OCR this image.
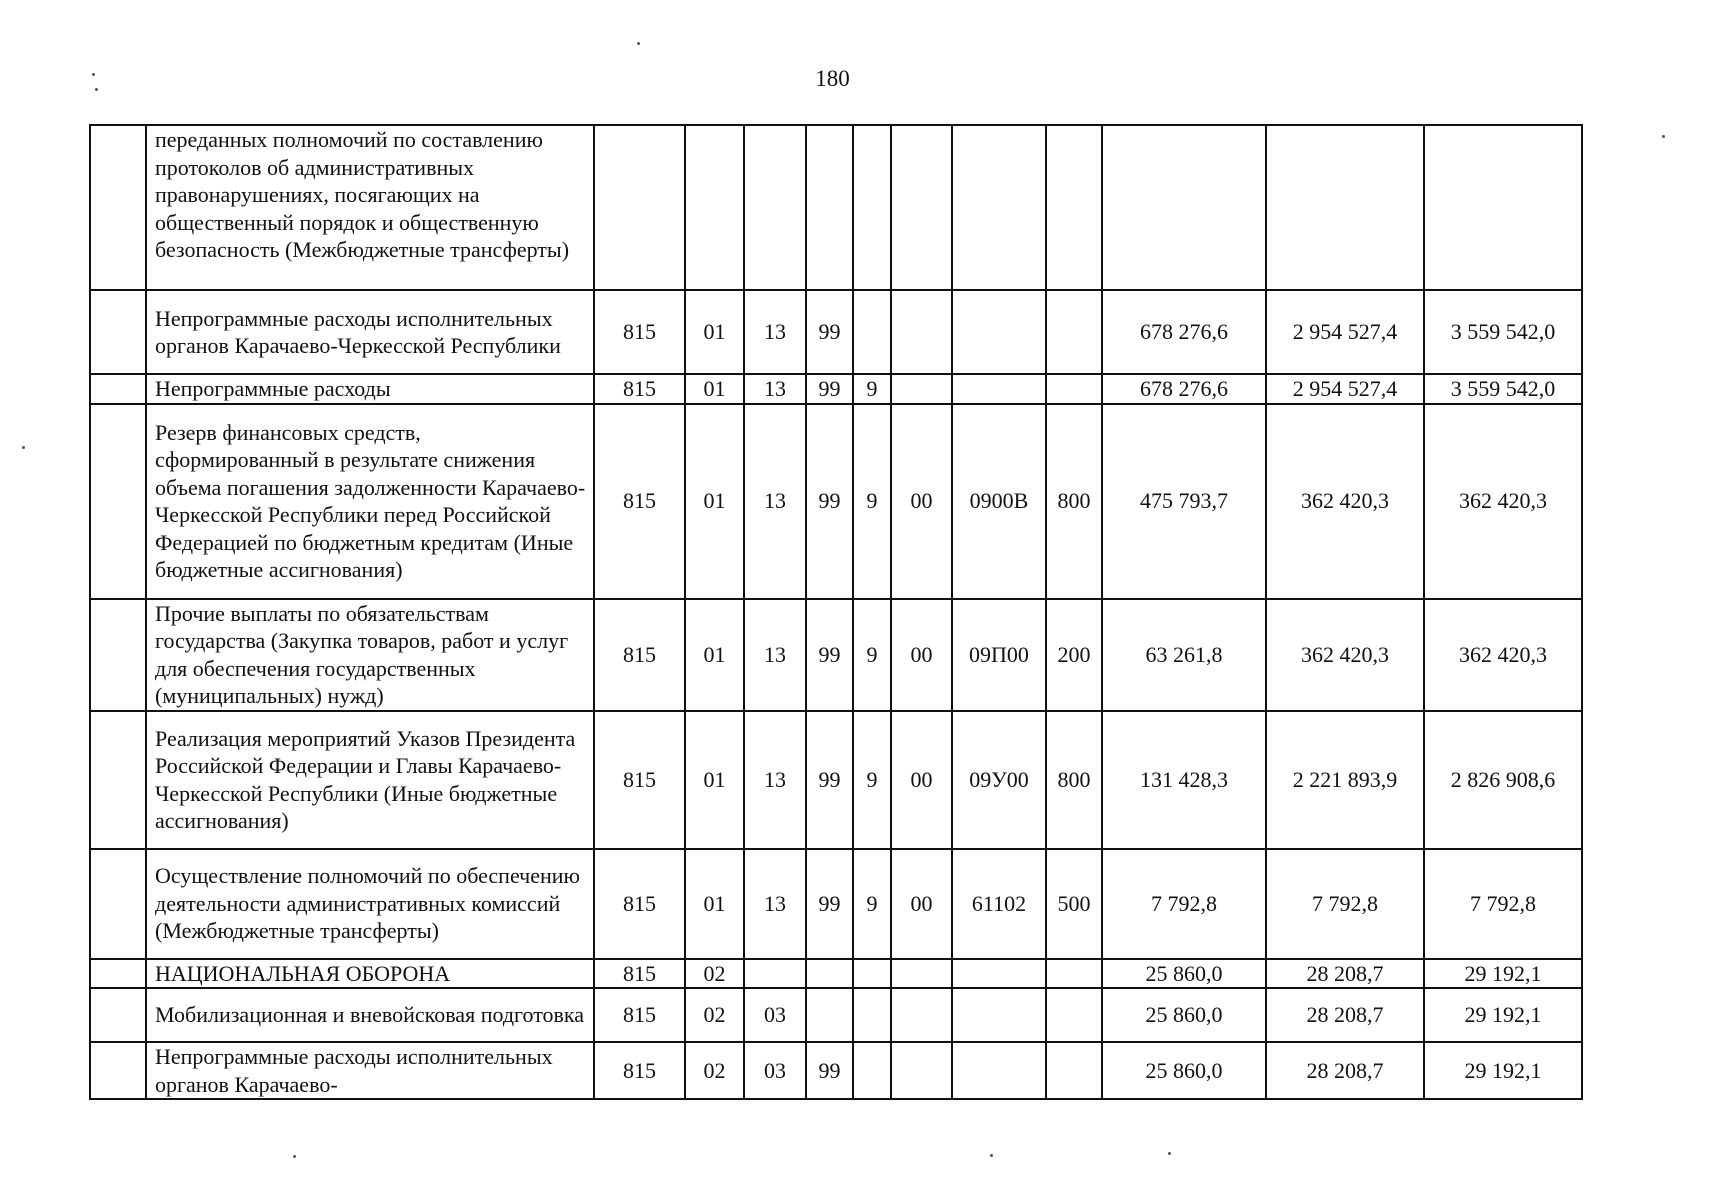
180
	переданных полномочий по составлению протоколов об административных правонарушениях, посягающих на общественный порядок и общественную безопасность (Межбюджетные трансферты)											
	Непрограммные расходы исполнительных органов Карачаево-Черкесской Республики	815	01	13	99					678 276,6	2 954 527,4	3 559 542,0
	Непрограммные расходы	815	01	13	99	9				678 276,6	2 954 527,4	3 559 542,0
	Резерв финансовых средств, сформированный в результате снижения объема погашения задолженности Карачаево-Черкесской Республики перед Российской Федерацией по бюджетным кредитам (Иные бюджетные ассигнования)	815	01	13	99	9	00	0900В	800	475 793,7	362 420,3	362 420,3
	Прочие выплаты по обязательствам государства (Закупка товаров, работ и услуг для обеспечения государственных (муниципальных) нужд)	815	01	13	99	9	00	09П00	200	63 261,8	362 420,3	362 420,3
	Реализация мероприятий Указов Президента Российской Федерации и Главы Карачаево-Черкесской Республики (Иные бюджетные ассигнования)	815	01	13	99	9	00	09У00	800	131 428,3	2 221 893,9	2 826 908,6
	Осуществление полномочий по обеспечению деятельности административных комиссий (Межбюджетные трансферты)	815	01	13	99	9	00	61102	500	7 792,8	7 792,8	7 792,8
	НАЦИОНАЛЬНАЯ ОБОРОНА	815	02							25 860,0	28 208,7	29 192,1
	Мобилизационная и вневойсковая подготовка	815	02	03						25 860,0	28 208,7	29 192,1
	Непрограммные расходы исполнительных органов Карачаево-	815	02	03	99					25 860,0	28 208,7	29 192,1
